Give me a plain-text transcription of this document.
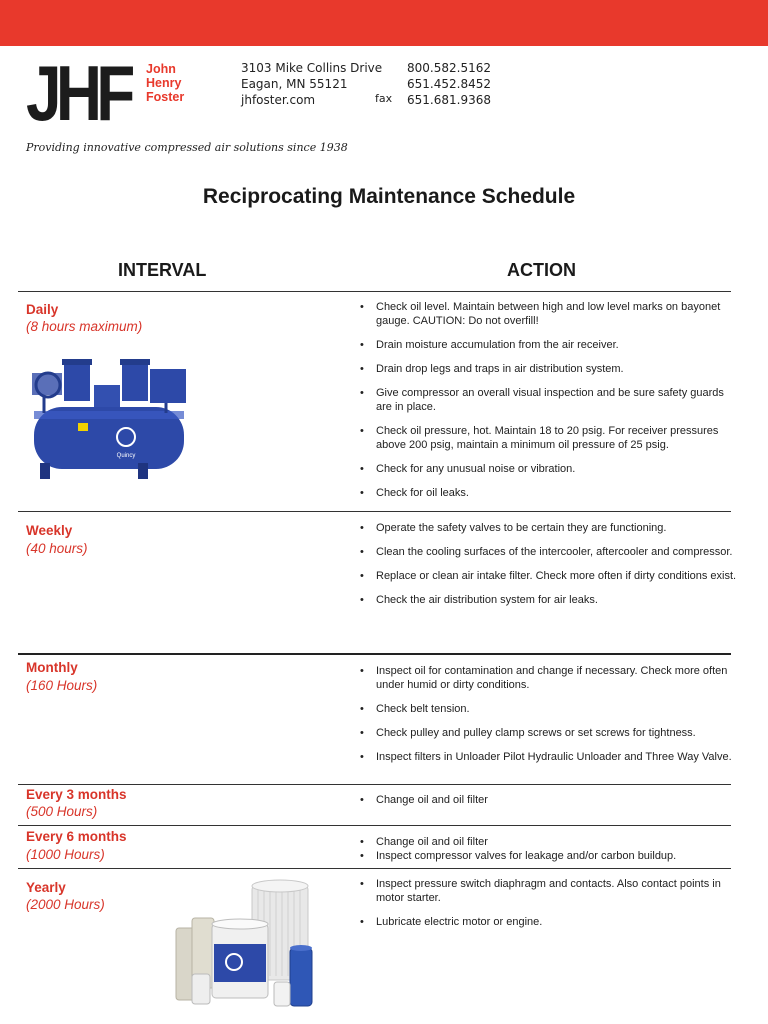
JHF John
Henry
Foster
3103 Mike Collins Drive
Eagan, MN 55121
jhfoster.com	fax
800.582.5162
651.452.8452
651.681.9368
Providing innovative compressed air solutions since 1938
Reciprocating Maintenance Schedule
INTERVAL	ACTION
Daily
(8 hours maximum)
• Check oil level. Maintain between high and low level marks on bayonet gauge. CAUTION: Do not overfill!
• Drain moisture accumulation from the air receiver.
• Drain drop legs and traps in air distribution system.
• Give compressor an overall visual inspection and be sure safety guards are in place.
• Check oil pressure, hot. Maintain 18 to 20 psig. For receiver pressures above 200 psig, maintain a minimum oil pressure of 25 psig.
• Check for any unusual noise or vibration.
• Check for oil leaks.
Quincy
Weekly
(40 hours)
• Operate the safety valves to be certain they are functioning.
• Clean the cooling surfaces of the intercooler, aftercooler and compressor.
• Replace or clean air intake filter. Check more often if dirty conditions exist.
• Check the air distribution system for air leaks.
Monthly
(160 Hours)
• Inspect oil for contamination and change if necessary. Check more often under humid or dirty conditions.
• Check belt tension.
• Check pulley and pulley clamp screws or set screws for tightness.
• Inspect filters in Unloader Pilot Hydraulic Unloader and Three Way Valve.
Every 3 months
(500 Hours)
• Change oil and oil filter
Every 6 months
(1000 Hours)
• Change oil and oil filter
• Inspect compressor valves for leakage and/or carbon buildup.
Yearly
(2000 Hours)
• Inspect pressure switch diaphragm and contacts. Also contact points in motor starter.
• Lubricate electric motor or engine.
